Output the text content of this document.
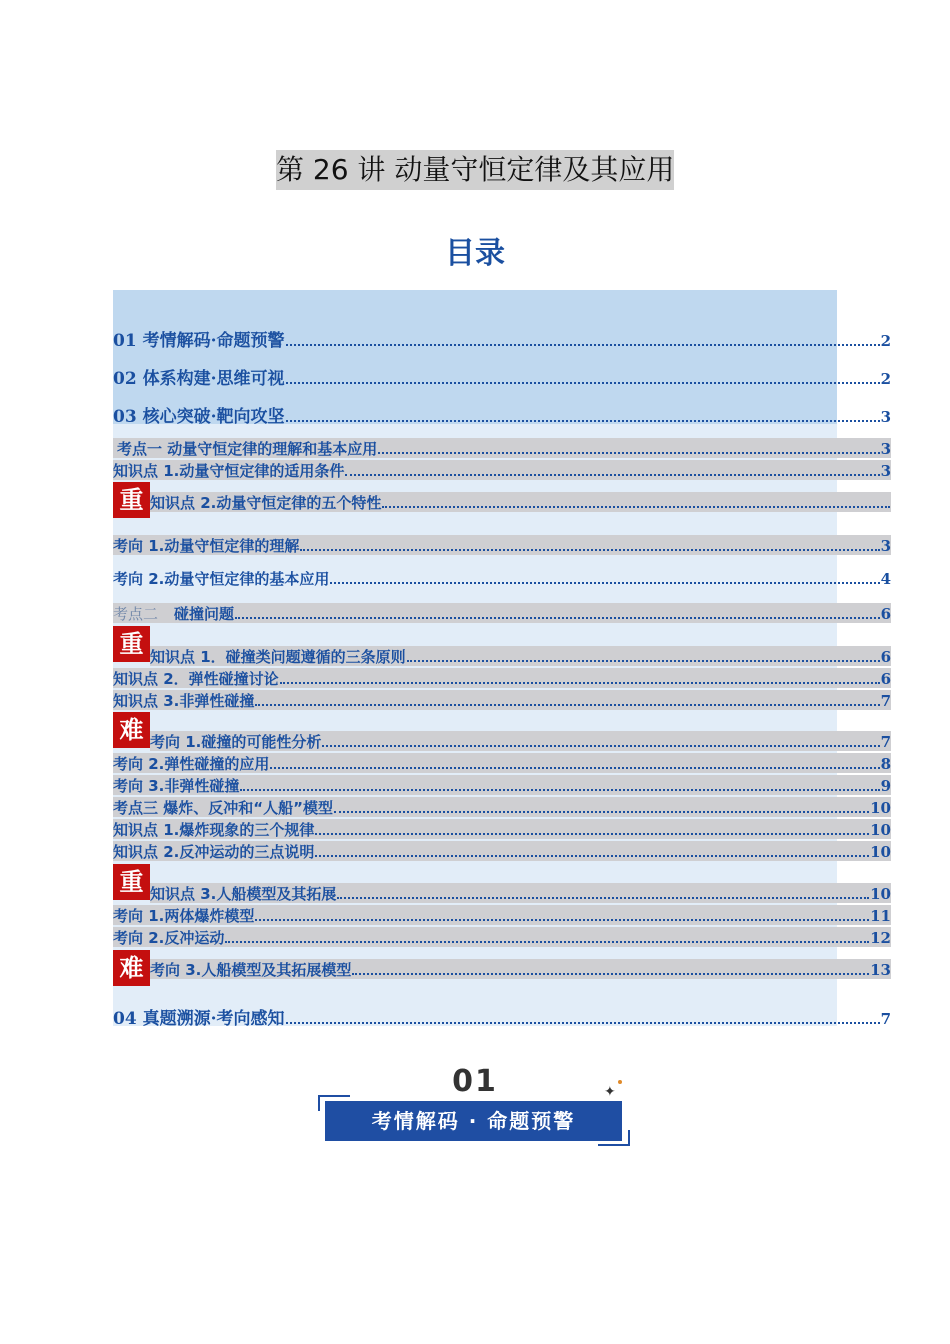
第 26 讲 动量守恒定律及其应用
目录
01 考情解码·命题预警	2
02 体系构建·思维可视	2
03 核心突破·靶向攻坚	3
考点一 动量守恒定律的理解和基本应用	3
知识点 1.动量守恒定律的适用条件	3
重 知识点 2.动量守恒定律的五个特性
考向 1.动量守恒定律的理解	3
考向 2.动量守恒定律的基本应用	4
考点二	碰撞问题	6
重 知识点 1．碰撞类问题遵循的三条原则	6
知识点 2．弹性碰撞讨论	6
知识点 3.非弹性碰撞	7
难 考向 1.碰撞的可能性分析	7
考向 2.弹性碰撞的应用	8
考向 3.非弹性碰撞	9
考点三 爆炸、反冲和“人船”模型	10
知识点 1.爆炸现象的三个规律	10
知识点 2.反冲运动的三点说明	10
重 知识点 3.人船模型及其拓展	10
考向 1.两体爆炸模型	11
考向 2.反冲运动	12
难 考向 3.人船模型及其拓展模型	13
04 真题溯源·考向感知	7
01	✦
考情解码 · 命题预警
